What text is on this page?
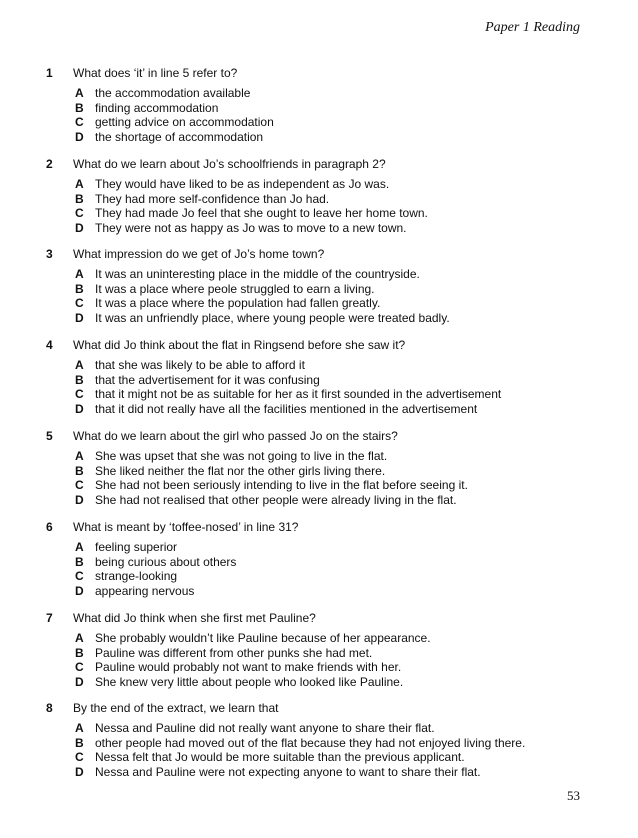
Paper 1 Reading
1	What does ‘it’ in line 5 refer to?
A the accommodation available
B finding accommodation
C getting advice on accommodation
D the shortage of accommodation
2	What do we learn about Jo’s schoolfriends in paragraph 2?
A They would have liked to be as independent as Jo was.
B They had more self-confidence than Jo had.
C They had made Jo feel that she ought to leave her home town.
D They were not as happy as Jo was to move to a new town.
3	What impression do we get of Jo’s home town?
A It was an uninteresting place in the middle of the countryside.
B It was a place where peole struggled to earn a living.
C It was a place where the population had fallen greatly.
D It was an unfriendly place, where young people were treated badly.
4	What did Jo think about the flat in Ringsend before she saw it?
A that she was likely to be able to afford it
B that the advertisement for it was confusing
C that it might not be as suitable for her as it first sounded in the advertisement
D that it did not really have all the facilities mentioned in the advertisement
5	What do we learn about the girl who passed Jo on the stairs?
A She was upset that she was not going to live in the flat.
B She liked neither the flat nor the other girls living there.
C She had not been seriously intending to live in the flat before seeing it.
D She had not realised that other people were already living in the flat.
6	What is meant by ‘toffee-nosed’ in line 31?
A feeling superior
B being curious about others
C strange-looking
D appearing nervous
7	What did Jo think when she first met Pauline?
A She probably wouldn’t like Pauline because of her appearance.
B Pauline was different from other punks she had met.
C Pauline would probably not want to make friends with her.
D She knew very little about people who looked like Pauline.
8	By the end of the extract, we learn that
A Nessa and Pauline did not really want anyone to share their flat.
B other people had moved out of the flat because they had not enjoyed living there.
C Nessa felt that Jo would be more suitable than the previous applicant.
D Nessa and Pauline were not expecting anyone to want to share their flat.
53
